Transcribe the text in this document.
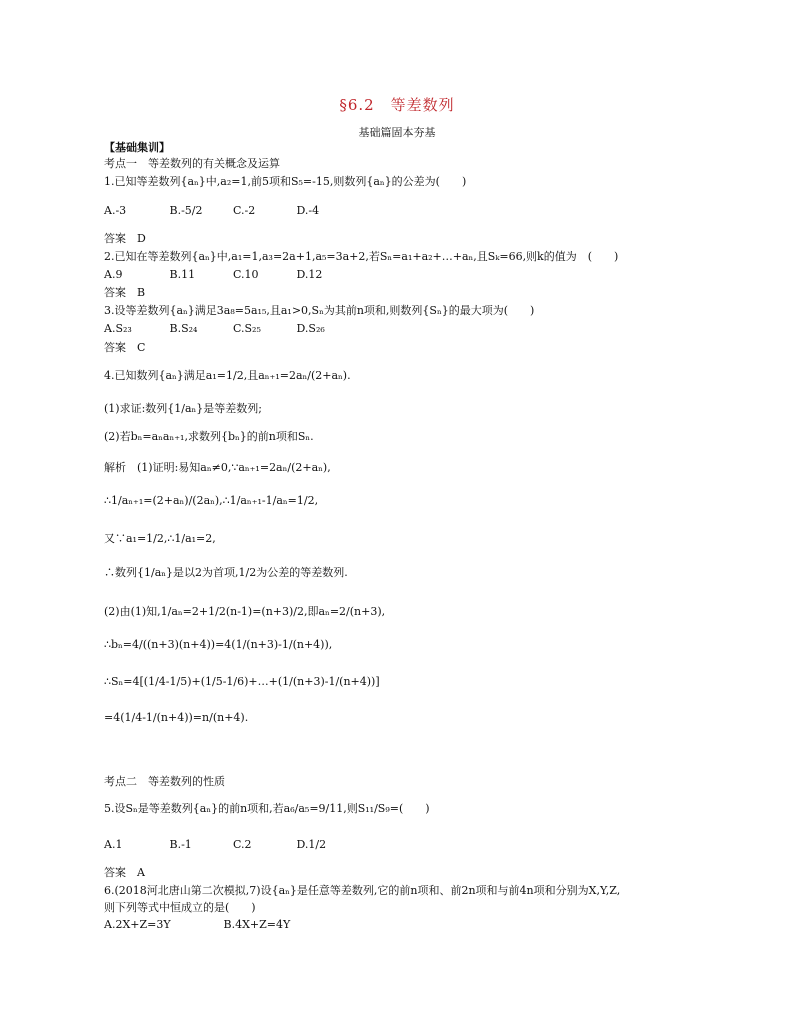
§6.2　等差数列
基础篇固本夯基
【基础集训】
考点一　等差数列的有关概念及运算
1.已知等差数列{aₙ}中,a₂=1,前5项和S₅=-15,则数列{aₙ}的公差为(　　)
A.-3	B.-5/2	C.-2	D.-4
答案　D
2.已知在等差数列{aₙ}中,a₁=1,a₃=2a+1,a₅=3a+2,若Sₙ=a₁+a₂+…+aₙ,且Sₖ=66,则k的值为　(　　)
A.9	B.11	C.10	D.12
答案　B
3.设等差数列{aₙ}满足3a₈=5a₁₅,且a₁>0,Sₙ为其前n项和,则数列{Sₙ}的最大项为(　　)
A.S₂₃	B.S₂₄	C.S₂₅	D.S₂₆
答案　C
4.已知数列{aₙ}满足a₁=1/2,且aₙ₊₁=2aₙ/(2+aₙ).
(1)求证:数列{1/aₙ}是等差数列;
(2)若bₙ=aₙaₙ₊₁,求数列{bₙ}的前n项和Sₙ.
解析　(1)证明:易知aₙ≠0,∵aₙ₊₁=2aₙ/(2+aₙ),
∴1/aₙ₊₁=(2+aₙ)/(2aₙ),∴1/aₙ₊₁-1/aₙ=1/2,
又∵a₁=1/2,∴1/a₁=2,
∴数列{1/aₙ}是以2为首项,1/2为公差的等差数列.
(2)由(1)知,1/aₙ=2+1/2(n-1)=(n+3)/2,即aₙ=2/(n+3),
∴bₙ=4/((n+3)(n+4))=4(1/(n+3)-1/(n+4)),
∴Sₙ=4[(1/4-1/5)+(1/5-1/6)+…+(1/(n+3)-1/(n+4))]
=4(1/4-1/(n+4))=n/(n+4).
考点二　等差数列的性质
5.设Sₙ是等差数列{aₙ}的前n项和,若a₆/a₅=9/11,则S₁₁/S₉=(　　)
A.1	B.-1	C.2	D.1/2
答案　A
6.(2018河北唐山第二次模拟,7)设{aₙ}是任意等差数列,它的前n项和、前2n项和与前4n项和分别为X,Y,Z,
则下列等式中恒成立的是(　　)
A.2X+Z=3Y	B.4X+Z=4Y
